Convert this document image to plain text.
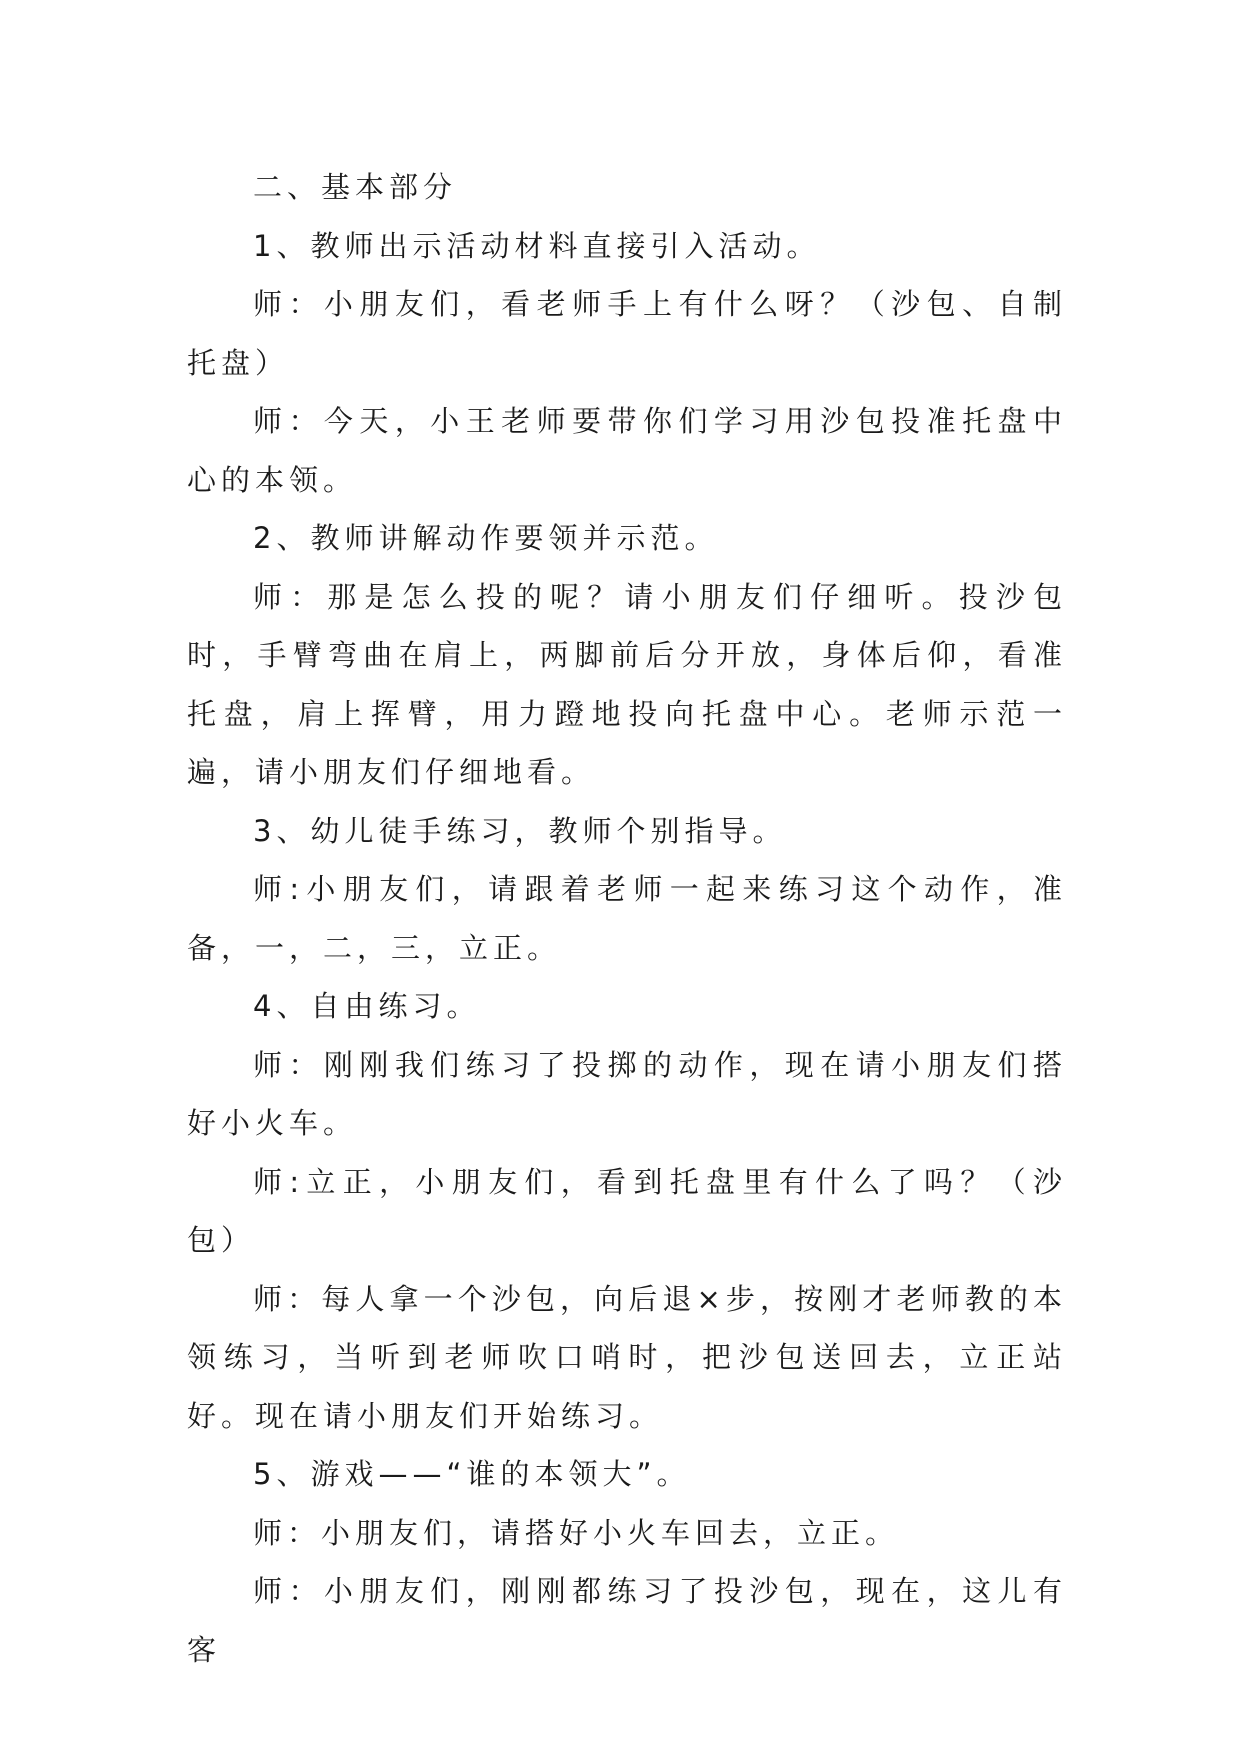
二、基本部分

1、教师出示活动材料直接引入活动。

师：小朋友们，看老师手上有什么呀？（沙包、自制托盘）

师：今天，小王老师要带你们学习用沙包投准托盘中心的本领。

2、教师讲解动作要领并示范。

师：那是怎么投的呢？请小朋友们仔细听。投沙包时，手臂弯曲在肩上，两脚前后分开放，身体后仰，看准托盘，肩上挥臂，用力蹬地投向托盘中心。老师示范一遍，请小朋友们仔细地看。

3、幼儿徒手练习，教师个别指导。

师:小朋友们，请跟着老师一起来练习这个动作，准备，一，二，三，立正。

4、自由练习。

师：刚刚我们练习了投掷的动作，现在请小朋友们搭好小火车。

师:立正，小朋友们，看到托盘里有什么了吗？（沙包）

师：每人拿一个沙包，向后退×步，按刚才老师教的本领练习，当听到老师吹口哨时，把沙包送回去，立正站好。现在请小朋友们开始练习。

5、游戏——“谁的本领大”。

师：小朋友们，请搭好小火车回去，立正。

师：小朋友们，刚刚都练习了投沙包，现在，这儿有客
